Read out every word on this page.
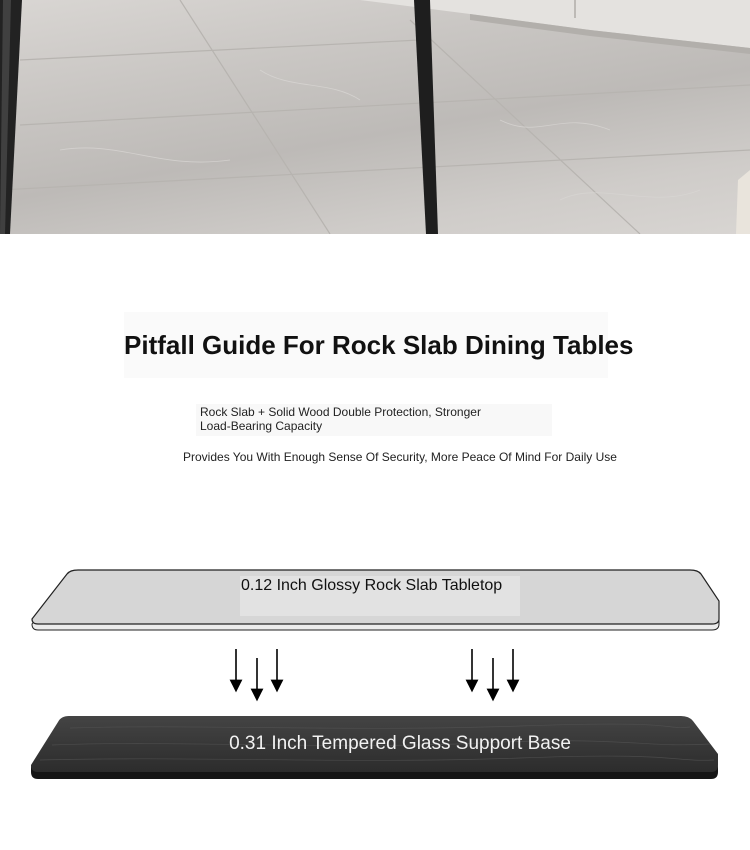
Pitfall Guide For Rock Slab Dining Tables
Rock Slab + Solid Wood Double Protection, Stronger Load-Bearing Capacity
Provides You With Enough Sense Of Security, More Peace Of Mind For Daily Use
0.12 Inch Glossy Rock Slab Tabletop
0.31 Inch Tempered Glass Support Base
